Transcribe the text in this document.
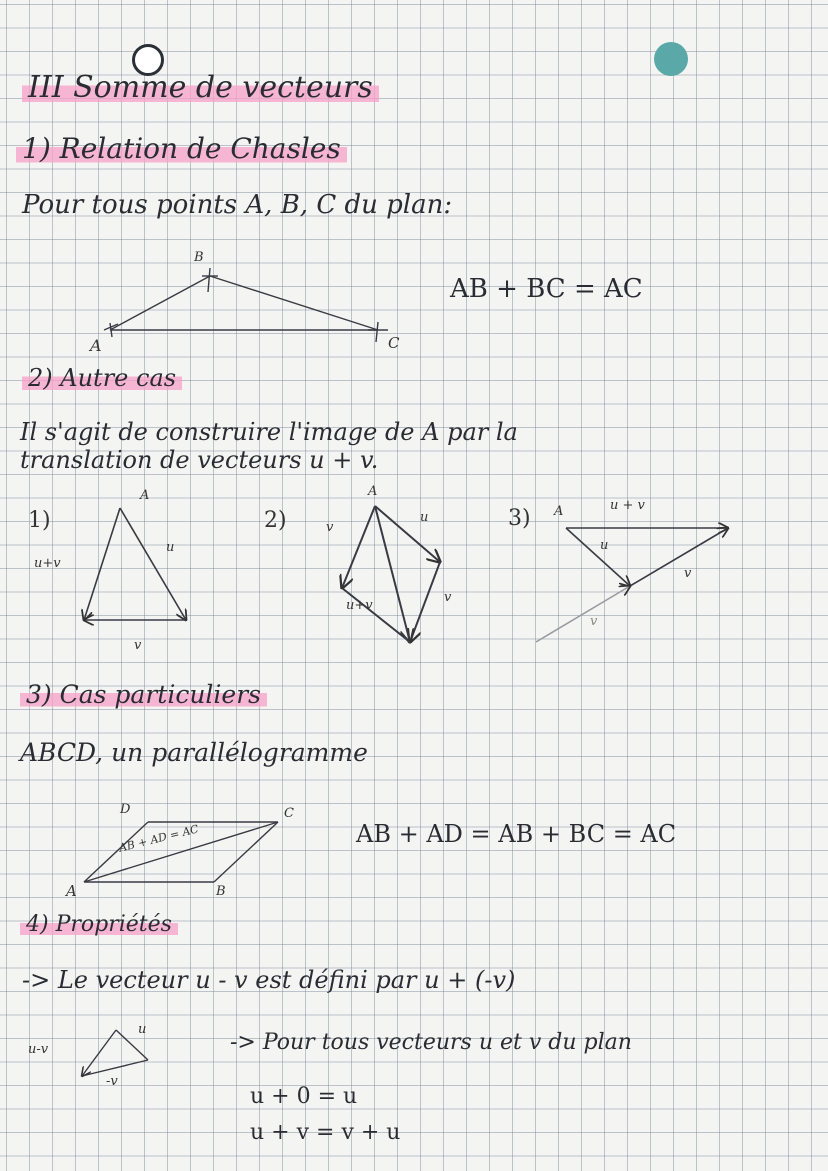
III Somme de vecteurs
1) Relation de Chasles
Pour tous points A, B, C du plan:
AB + BC = AC
2) Autre cas
Il s'agit de construire l'image de A par la
translation de vecteurs u + v.
3) Cas particuliers
ABCD, un parallélogramme
AB + AD = AB + BC = AC
4) Propriétés
-> Le vecteur u - v est défini par u + (-v)
-> Pour tous vecteurs u et v du plan
u + 0 = u
u + v = v + u
A
B
C
1)
A
u+v
u
v
2)
A
v
u
u+v
v
3) A	u + v
u
v
v
A	B
C
D
AB + AD = AC
u-v
u
-v
